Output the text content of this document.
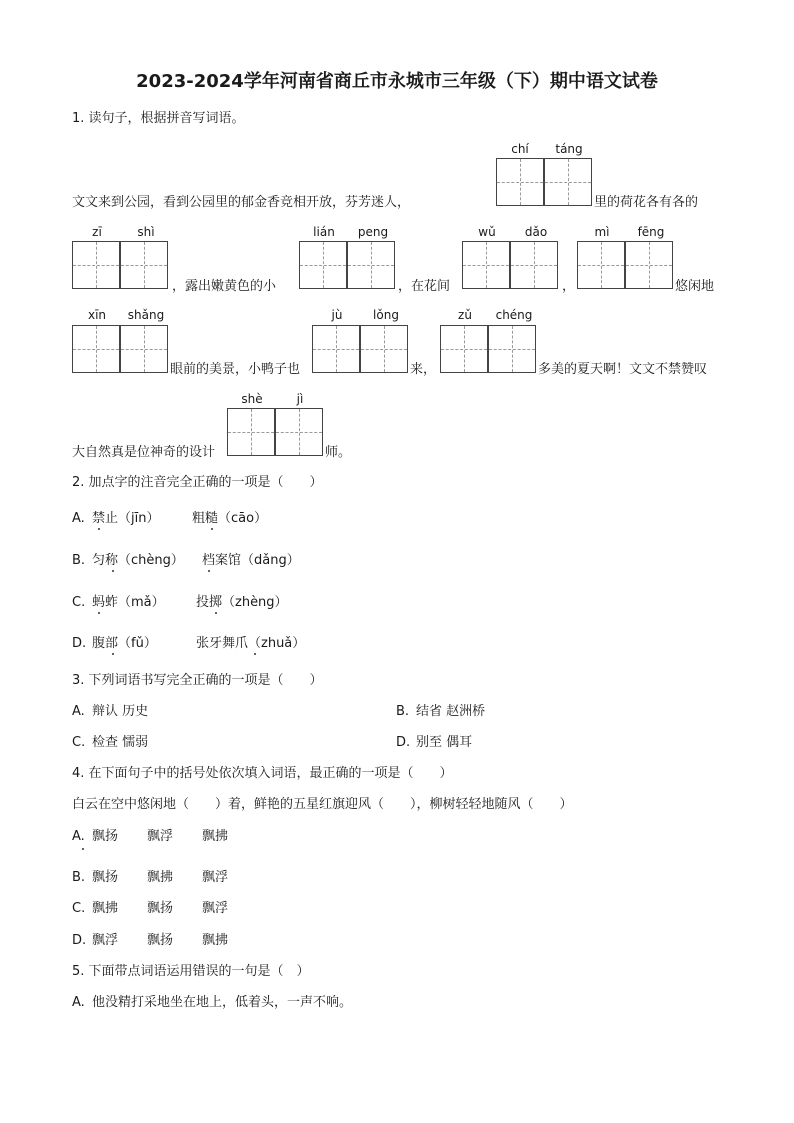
2023-2024学年河南省商丘市永城市三年级（下）期中语文试卷
1. 读句子，根据拼音写词语。
chí	táng
文文来到公园，看到公园里的郁金香竞相开放，芬芳迷人，	里的荷花各有各的
zī	shì
，露出嫩黄色的小
lián	peng
，在花间
wǔ	dǎo
，
mì	fēng
悠闲地
xīn	shǎng
眼前的美景，小鸭子也
jù	lǒng
来，
zǔ	chéng
多美的夏天啊！文文不禁赞叹
shè	jì
大自然真是位神奇的设计	师。
2. 加点字的注音完全正确的一项是（　　）
A. 禁止（jīn）	粗糙（cāo）
B. 匀称（chèng） 档案馆（dǎng）
C. 蚂蚱（mǎ） 投掷（zhèng）
D. 腹部（fǔ）	张牙舞爪（zhuǎ）
3. 下列词语书写完全正确的一项是（　　）
A. 辩认 历史	B. 结省 赵洲桥
C. 检查 懦弱	D. 别至 偶耳
4. 在下面句子中的括号处依次填入词语，最正确的一项是（　　）
白云在空中悠闲地（　　）着，鲜艳的五星红旗迎风（　　），柳树轻轻地随风（　　）
A. 飘扬 飘浮 飘拂
B. 飘扬 飘拂 飘浮
C. 飘拂 飘扬 飘浮
D. 飘浮 飘扬 飘拂
5. 下面带点词语运用错误的一句是（　）
A. 他没精打采地坐在地上，低着头，一声不响。
